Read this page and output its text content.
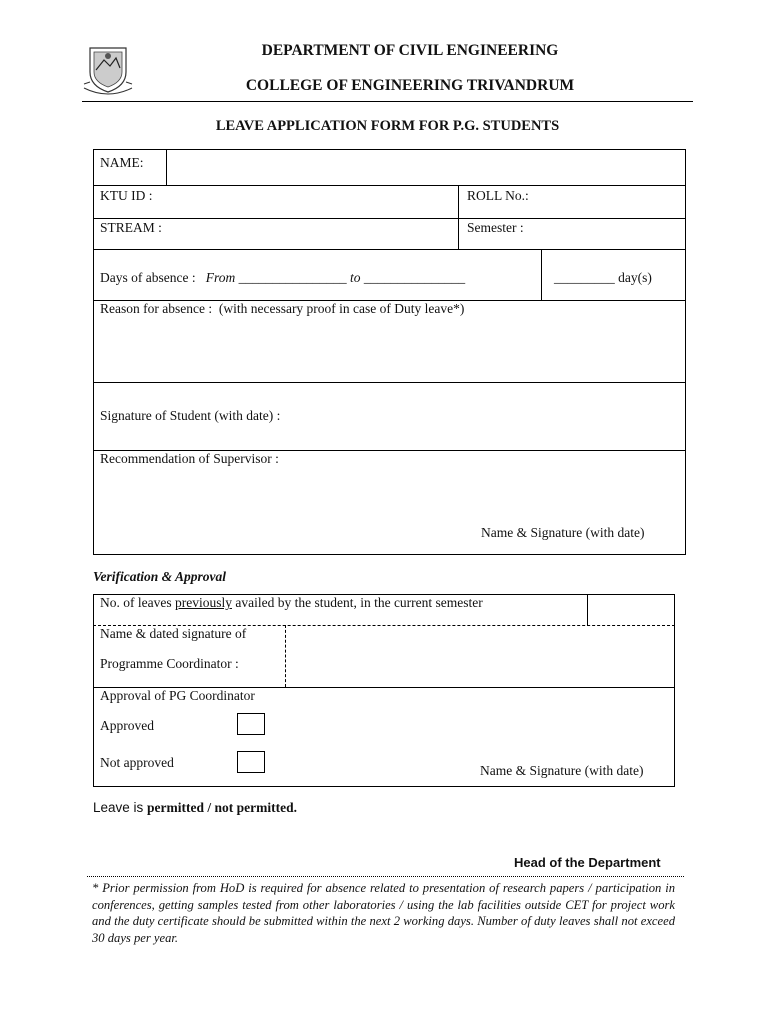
DEPARTMENT OF CIVIL ENGINEERING
COLLEGE OF ENGINEERING TRIVANDRUM
LEAVE APPLICATION FORM FOR P.G. STUDENTS
NAME:
KTU ID :	ROLL No.:
STREAM :	Semester :
Days of absence : From ________________ to _______________	_________ day(s)
Reason for absence : (with necessary proof in case of Duty leave*)
Signature of Student (with date) :
Recommendation of Supervisor :
Name & Signature (with date)
Verification & Approval
No. of leaves previously availed by the student, in the current semester
Name & dated signature of
Programme Coordinator :
Approval of PG Coordinator
Approved
Not approved
Name & Signature (with date)
Leave is permitted / not permitted.
Head of the Department
* Prior permission from HoD is required for absence related to presentation of research papers / participation in conferences, getting samples tested from other laboratories / using the lab facilities outside CET for project work and the duty certificate should be submitted within the next 2 working days. Number of duty leaves shall not exceed 30 days per year.
